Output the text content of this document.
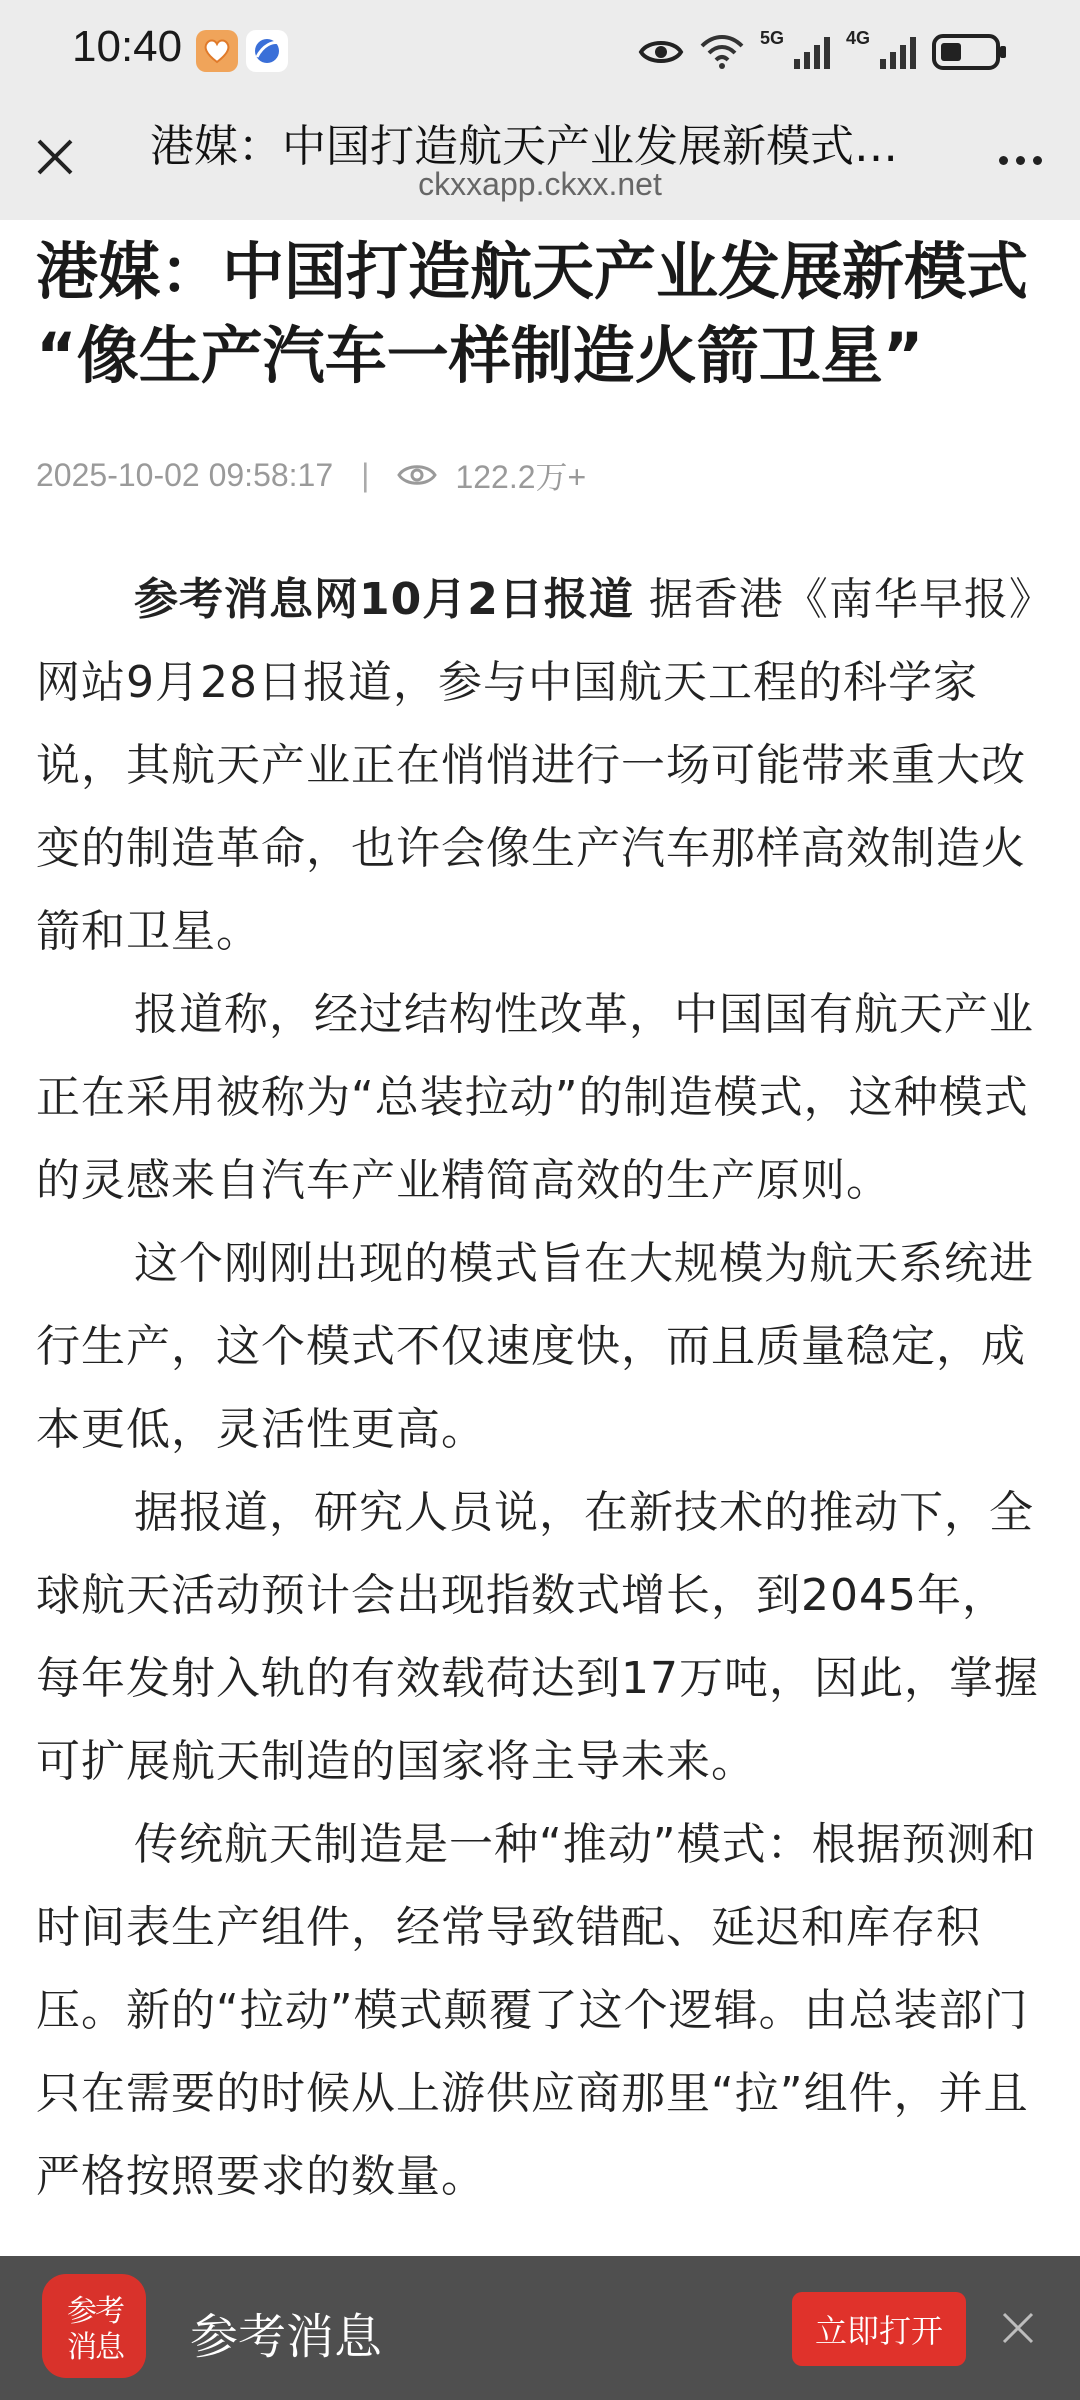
10:40	5G	4G
港媒：中国打造航天产业发展新模式…
ckxxapp.ckxx.net
港媒：中国打造航天产业发展新模式 “像生产汽车一样制造火箭卫星”
2025-10-02 09:58:17 |	122.2万+

参考消息网10月2日报道 据香港《南华早报》网站9月28日报道，参与中国航天工程的科学家说，其航天产业正在悄悄进行一场可能带来重大改变的制造革命，也许会像生产汽车那样高效制造火箭和卫星。

报道称，经过结构性改革，中国国有航天产业正在采用被称为“总装拉动”的制造模式，这种模式的灵感来自汽车产业精简高效的生产原则。

这个刚刚出现的模式旨在大规模为航天系统进行生产，这个模式不仅速度快，而且质量稳定，成本更低，灵活性更高。

据报道，研究人员说，在新技术的推动下，全球航天活动预计会出现指数式增长，到2045年，每年发射入轨的有效载荷达到17万吨，因此，掌握可扩展航天制造的国家将主导未来。

传统航天制造是一种“推动”模式：根据预测和时间表生产组件，经常导致错配、延迟和库存积压。新的“拉动”模式颠覆了这个逻辑。由总装部门只在需要的时候从上游供应商那里“拉”组件，并且严格按照要求的数量。

参
考
消
息 参考消息	立即打开
